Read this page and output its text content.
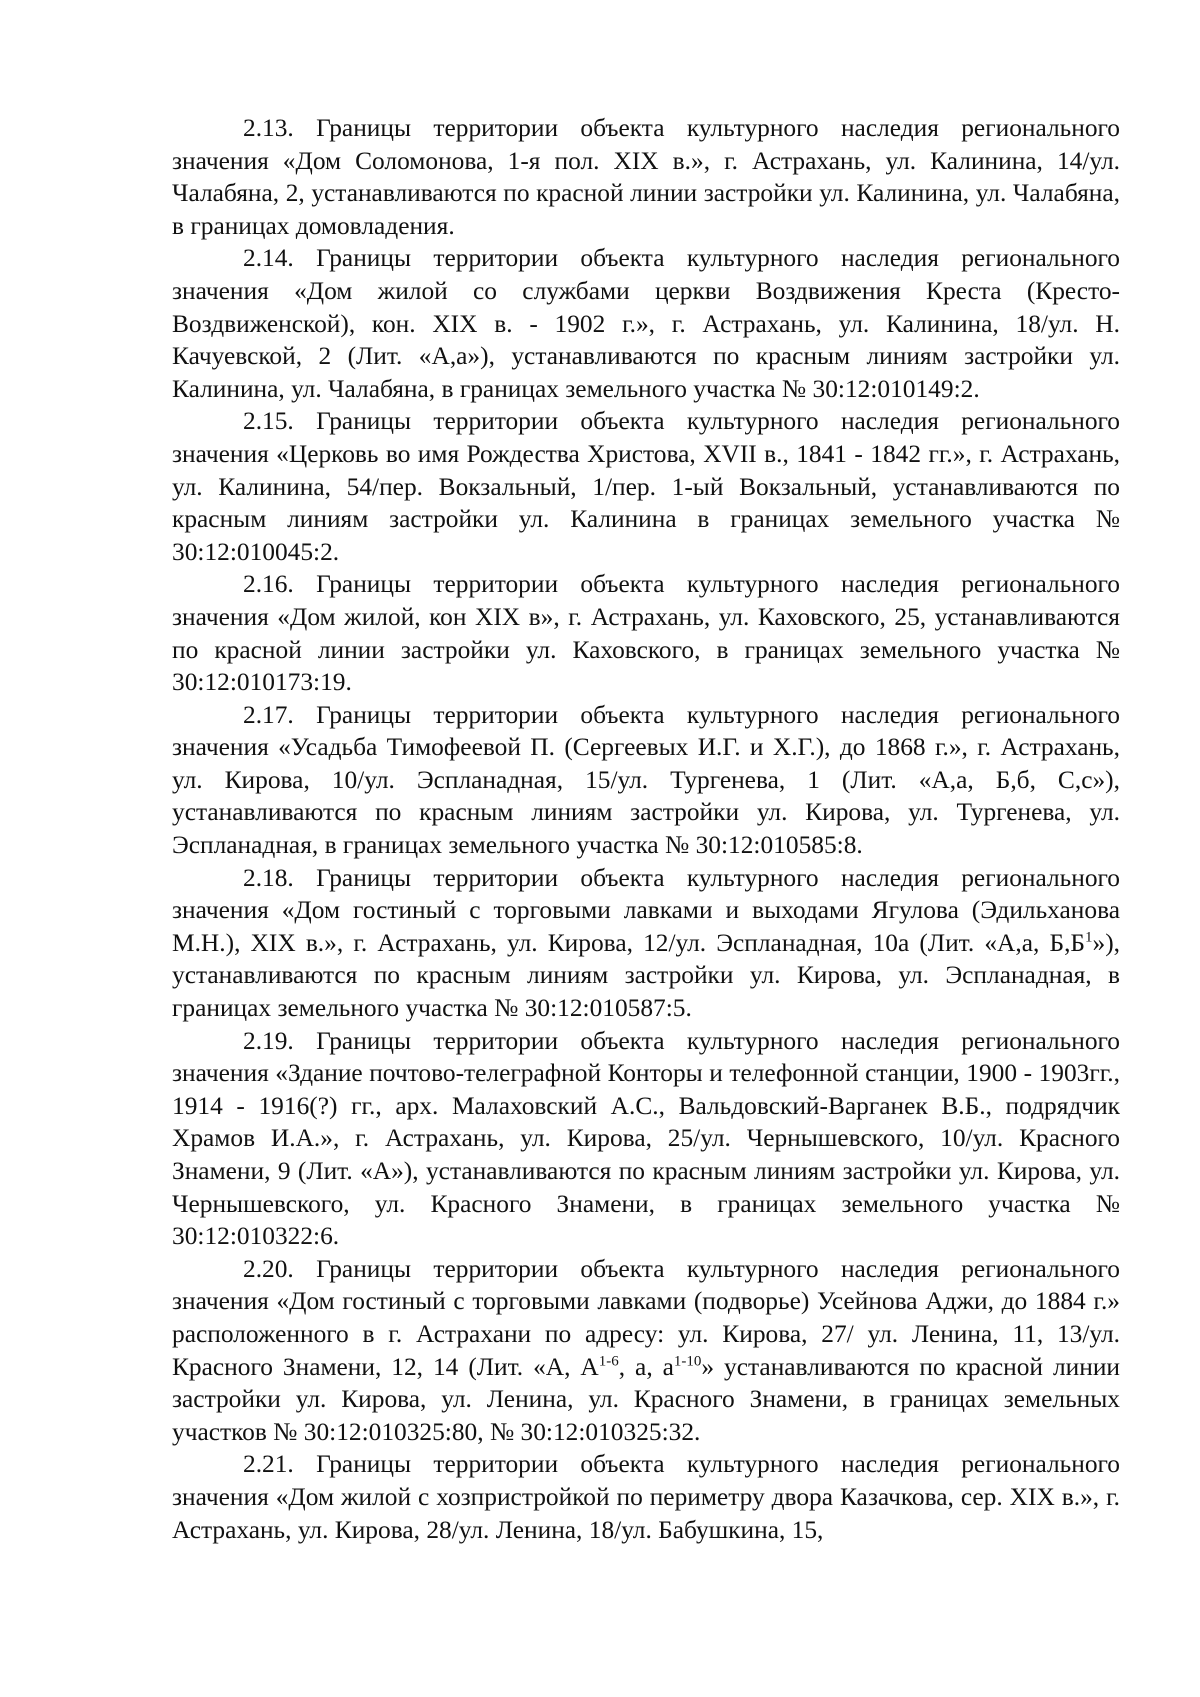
2.13. Границы территории объекта культурного наследия регионального значения «Дом Соломонова, 1-я пол. XIX в.», г. Астрахань, ул. Калинина, 14/ул. Чалабяна, 2, устанавливаются по красной линии застройки ул. Калинина, ул. Чалабяна, в границах домовладения.

2.14. Границы территории объекта культурного наследия регионального значения «Дом жилой со службами церкви Воздвижения Креста (Кресто-Воздвиженской), кон. XIX в. - 1902 г.», г. Астрахань, ул. Калинина, 18/ул. Н. Качуевской, 2 (Лит. «А,а»), устанавливаются по красным линиям застройки ул. Калинина, ул. Чалабяна, в границах земельного участка № 30:12:010149:2.

2.15. Границы территории объекта культурного наследия регионального значения «Церковь во имя Рождества Христова, XVII в., 1841 - 1842 гг.», г. Астрахань, ул. Калинина, 54/пер. Вокзальный, 1/пер. 1-ый Вокзальный, устанавливаются по красным линиям застройки ул. Калинина в границах земельного участка № 30:12:010045:2.

2.16. Границы территории объекта культурного наследия регионального значения «Дом жилой, кон XIX в», г. Астрахань, ул. Каховского, 25, устанавливаются по красной линии застройки ул. Каховского, в границах земельного участка № 30:12:010173:19.

2.17. Границы территории объекта культурного наследия регионального значения «Усадьба Тимофеевой П. (Сергеевых И.Г. и Х.Г.), до 1868 г.», г. Астрахань, ул. Кирова, 10/ул. Эспланадная, 15/ул. Тургенева, 1 (Лит. «А,а, Б,б, С,с»), устанавливаются по красным линиям застройки ул. Кирова, ул. Тургенева, ул. Эспланадная, в границах земельного участка № 30:12:010585:8.

2.18. Границы территории объекта культурного наследия регионального значения «Дом гостиный с торговыми лавками и выходами Ягулова (Эдильханова М.Н.), XIX в.», г. Астрахань, ул. Кирова, 12/ул. Эспланадная, 10а (Лит. «А,а, $Б,Б^1$»), устанавливаются по красным линиям застройки ул. Кирова, ул. Эспланадная, в границах земельного участка № 30:12:010587:5.

2.19. Границы территории объекта культурного наследия регионального значения «Здание почтово-телеграфной Конторы и телефонной станции, 1900 - 1903гг., 1914 - 1916(?) гг., арх. Малаховский А.С., Вальдовский-Варганек В.Б., подрядчик Храмов И.А.», г. Астрахань, ул. Кирова, 25/ул. Чернышевского, 10/ул. Красного Знамени, 9 (Лит. «А»), устанавливаются по красным линиям застройки ул. Кирова, ул. Чернышевского, ул. Красного Знамени, в границах земельного участка № 30:12:010322:6.

2.20. Границы территории объекта культурного наследия регионального значения «Дом гостиный с торговыми лавками (подворье) Усейнова Аджи, до 1884 г.» расположенного в г. Астрахани по адресу: ул. Кирова, 27/ ул. Ленина, 11, 13/ул. Красного Знамени, 12, 14 (Лит. «А, $А^{1-6}$, а, $а^{1-10}$» устанавливаются по красной линии застройки ул. Кирова, ул. Ленина, ул. Красного Знамени, в границах земельных участков № 30:12:010325:80, № 30:12:010325:32.

2.21. Границы территории объекта культурного наследия регионального значения «Дом жилой с хозпристройкой по периметру двора Казачкова, сер. XIX в.», г. Астрахань, ул. Кирова, 28/ул. Ленина, 18/ул. Бабушкина, 15,
